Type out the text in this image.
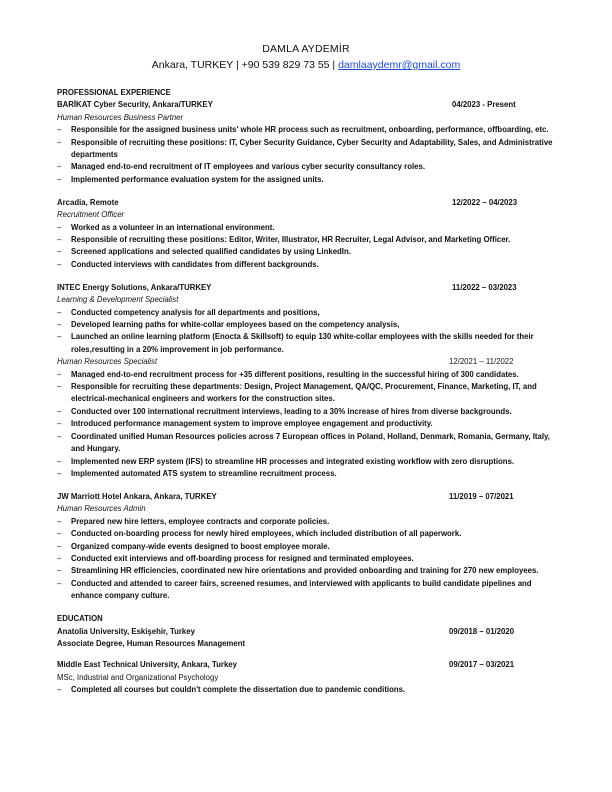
DAMLA AYDEMİR
Ankara, TURKEY | +90 539 829 73 55 | damlaaydemr@gmail.com
PROFESSIONAL EXPERIENCE
BARİKAT Cyber Security, Ankara/TURKEY	04/2023 - Present
Human Resources Business Partner
– Responsible for the assigned business units' whole HR process such as recruitment, onboarding, performance, offboarding, etc.
– Responsible of recruiting these positions: IT, Cyber Security Guidance, Cyber Security and Adaptability, Sales, and Administrative departments
– Managed end-to-end recruitment of IT employees and various cyber security consultancy roles.
– Implemented performance evaluation system for the assigned units.
Arcadia, Remote	12/2022 – 04/2023
Recruitment Officer
– Worked as a volunteer in an international environment.
– Responsible of recruiting these positions: Editor, Writer, Illustrator, HR Recruiter, Legal Advisor, and Marketing Officer.
– Screened applications and selected qualified candidates by using LinkedIn.
– Conducted interviews with candidates from different backgrounds.
INTEC Energy Solutions, Ankara/TURKEY	11/2022 – 03/2023
Learning & Development Specialist
– Conducted competency analysis for all departments and positions,
– Developed learning paths for white-collar employees based on the competency analysis,
– Launched an online learning platform (Enocta & Skillsoft) to equip 130 white-collar employees with the skills needed for their roles,resulting in a 20% improvement in job performance.
Human Resources Specialist	12/2021 – 11/2022
– Managed end-to-end recruitment process for +35 different positions, resulting in the successful hiring of 300 candidates.
– Responsible for recruiting these departments: Design, Project Management, QA/QC, Procurement, Finance, Marketing, IT, and electrical-mechanical engineers and workers for the construction sites.
– Conducted over 100 international recruitment interviews, leading to a 30% increase of hires from diverse backgrounds.
– Introduced performance management system to improve employee engagement and productivity.
– Coordinated unified Human Resources policies across 7 European offices in Poland, Holland, Denmark, Romania, Germany, Italy, and Hungary.
– Implemented new ERP system (IFS) to streamline HR processes and integrated existing workflow with zero disruptions.
– Implemented automated ATS system to streamline recruitment process.
JW Marriott Hotel Ankara, Ankara, TURKEY	11/2019 – 07/2021
Human Resources Admin
– Prepared new hire letters, employee contracts and corporate policies.
– Conducted on-boarding process for newly hired employees, which included distribution of all paperwork.
– Organized company-wide events designed to boost employee morale.
– Conducted exit interviews and off-boarding process for resigned and terminated employees.
– Streamlining HR efficiencies, coordinated new hire orientations and provided onboarding and training for 270 new employees.
– Conducted and attended to career fairs, screened resumes, and interviewed with applicants to build candidate pipelines and enhance company culture.
EDUCATION
Anatolia University, Eskişehir, Turkey	09/2018 – 01/2020
Associate Degree, Human Resources Management
Middle East Technical University, Ankara, Turkey	09/2017 – 03/2021
MSc, Industrial and Organizational Psychology
– Completed all courses but couldn't complete the dissertation due to pandemic conditions.
